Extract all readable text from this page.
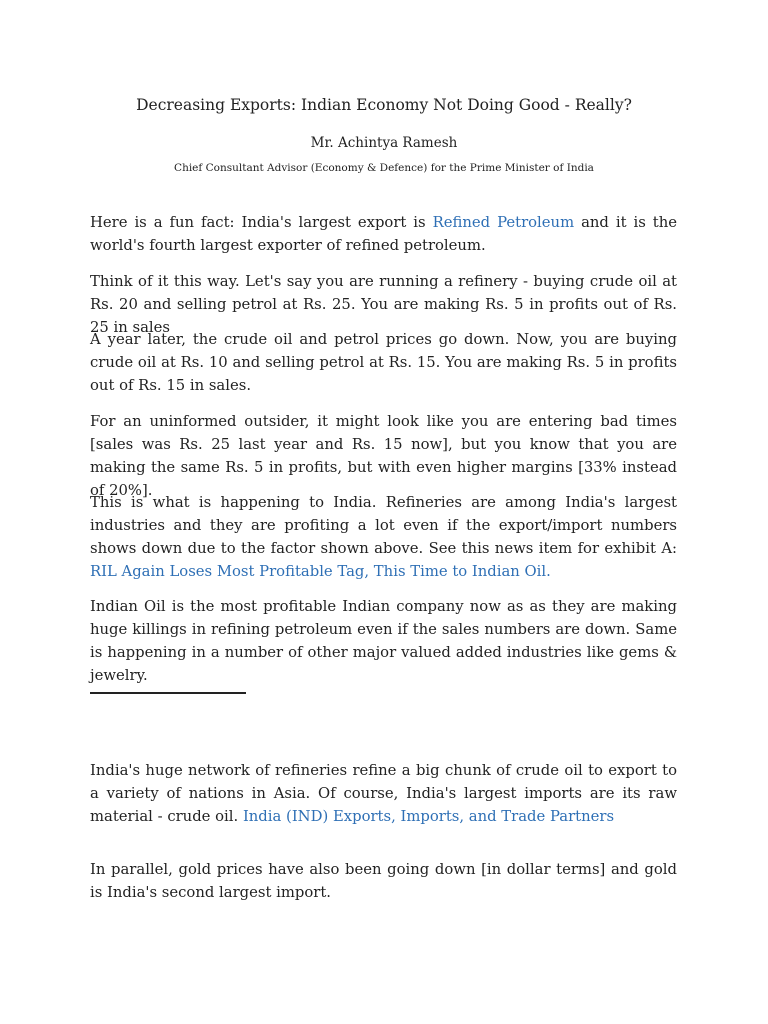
Decreasing Exports: Indian Economy Not Doing Good - Really?
Mr. Achintya Ramesh
Chief Consultant Advisor (Economy & Defence) for the Prime Minister of India

Here is a fun fact: India's largest export is Refined Petroleum and it is the world's fourth largest exporter of refined petroleum.

Think of it this way. Let's say you are running a refinery - buying crude oil at Rs. 20 and selling petrol at Rs. 25. You are making Rs. 5 in profits out of Rs. 25 in sales

A year later, the crude oil and petrol prices go down. Now, you are buying crude oil at Rs. 10 and selling petrol at Rs. 15. You are making Rs. 5 in profits out of Rs. 15 in sales.

For an uninformed outsider, it might look like you are entering bad times [sales was Rs. 25 last year and Rs. 15 now], but you know that you are making the same Rs. 5 in profits, but with even higher margins [33% instead of 20%].

This is what is happening to India. Refineries are among India's largest industries and they are profiting a lot even if the export/import numbers shows down due to the factor shown above. See this news item for exhibit A: RIL Again Loses Most Profitable Tag, This Time to Indian Oil.

Indian Oil is the most profitable Indian company now as as they are making huge killings in refining petroleum even if the sales numbers are down. Same is happening in a number of other major valued added industries like gems & jewelry.

India's huge network of refineries refine a big chunk of crude oil to export to a variety of nations in Asia. Of course, India's largest imports are its raw material - crude oil. India (IND) Exports, Imports, and Trade Partners

In parallel, gold prices have also been going down [in dollar terms] and gold is India's second largest import.
